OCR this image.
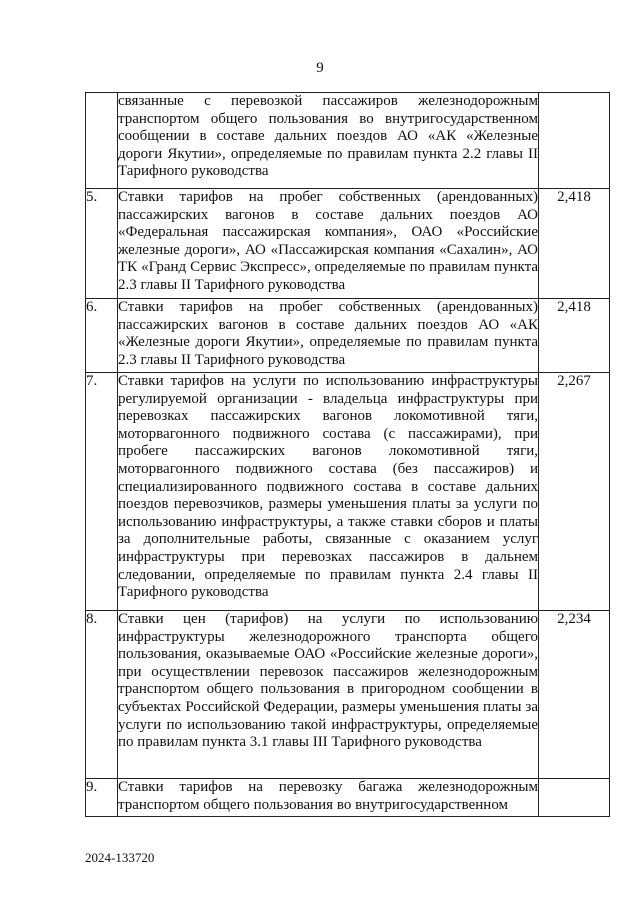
9
	связанные с перевозкой пассажиров железнодорожным транспортом общего пользования во внутригосударственном сообщении в составе дальних поездов АО «АК «Железные дороги Якутии», определяемые по правилам пункта 2.2 главы II Тарифного руководства	
5.	Ставки тарифов на пробег собственных (арендованных) пассажирских вагонов в составе дальних поездов АО «Федеральная пассажирская компания», ОАО «Российские железные дороги», АО «Пассажирская компания «Сахалин», АО ТК «Гранд Сервис Экспресс», определяемые по правилам пункта 2.3 главы II Тарифного руководства	2,418
6.	Ставки тарифов на пробег собственных (арендованных) пассажирских вагонов в составе дальних поездов АО «АК «Железные дороги Якутии», определяемые по правилам пункта 2.3 главы II Тарифного руководства	2,418
7.	Ставки тарифов на услуги по использованию инфраструктуры регулируемой организации - владельца инфраструктуры при перевозках пассажирских вагонов локомотивной тяги, моторвагонного подвижного состава (с пассажирами), при пробеге пассажирских вагонов локомотивной тяги, моторвагонного подвижного состава (без пассажиров) и специализированного подвижного состава в составе дальних поездов перевозчиков, размеры уменьшения платы за услуги по использованию инфраструктуры, а также ставки сборов и платы за дополнительные работы, связанные с оказанием услуг инфраструктуры при перевозках пассажиров в дальнем следовании, определяемые по правилам пункта 2.4 главы II Тарифного руководства	2,267
8.	Ставки цен (тарифов) на услуги по использованию инфраструктуры железнодорожного транспорта общего пользования, оказываемые ОАО «Российские железные дороги», при осуществлении перевозок пассажиров железнодорожным транспортом общего пользования в пригородном сообщении в субъектах Российской Федерации, размеры уменьшения платы за услуги по использованию такой инфраструктуры, определяемые по правилам пункта 3.1 главы III Тарифного руководства	2,234
9.	Ставки тарифов на перевозку багажа железнодорожным транспортом общего пользования во внутригосударственном	
2024-133720
